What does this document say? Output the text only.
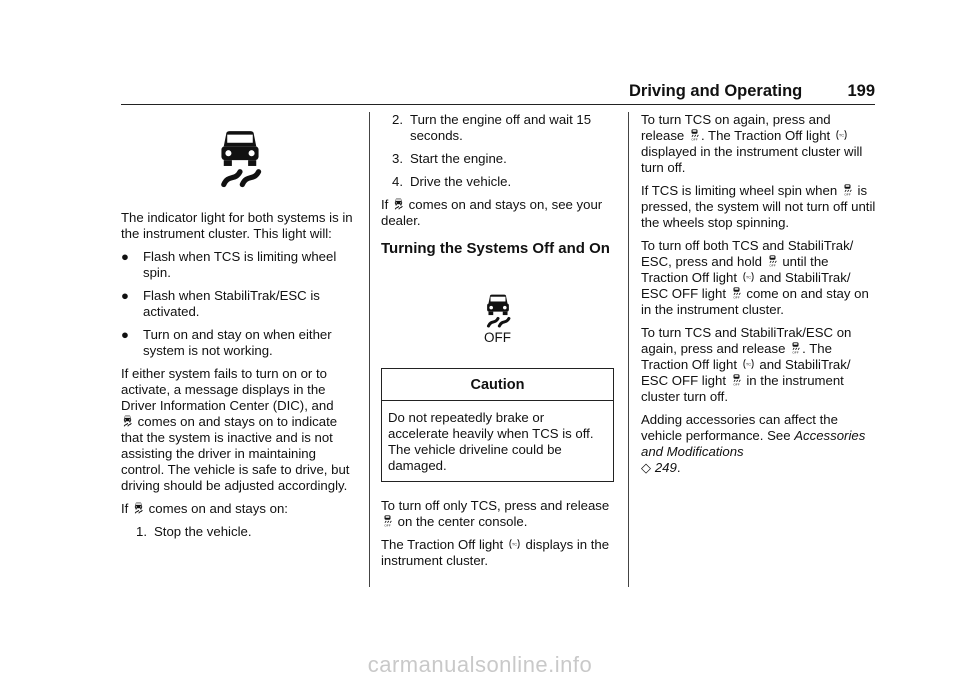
Driving and Operating	199

The indicator light for both systems is in the instrument cluster. This light will:

●	Flash when TCS is limiting wheel spin.
●	Flash when StabiliTrak/ESC is activated.
●	Turn on and stay on when either system is not working.

If either system fails to turn on or to activate, a message displays in the Driver Information Center (DIC), and

comes on and stays on to indicate that the system is inactive and is not assisting the driver in maintaining control. The vehicle is safe to drive, but driving should be adjusted accordingly.

If comes on and stays on:

1. Stop the vehicle.
2. Turn the engine off and wait 15 seconds.
3. Start the engine.
4. Drive the vehicle.

If comes on and stays on, see your dealer.

Turning the Systems Off and On
OFF
Caution
Do not repeatedly brake or accelerate heavily when TCS is off. The vehicle driveline could be damaged.

To turn off only TCS, press and release
on the center console.

The Traction Off light displays in the instrument cluster.

To turn TCS on again, press and release . The Traction Off light
displayed in the instrument cluster will turn off.

If TCS is limiting wheel spin when is pressed, the system will not turn off until the wheels stop spinning.

To turn off both TCS and StabiliTrak/ ESC, press and hold until the Traction Off light and StabiliTrak/ ESC OFF light come on and stay on in the instrument cluster.

To turn TCS and StabiliTrak/ESC on again, press and release . The Traction Off light and StabiliTrak/ ESC OFF light in the instrument cluster turn off.

Adding accessories can affect the vehicle performance. See Accessories and Modifications
◇ 249.

carmanualsonline.info
